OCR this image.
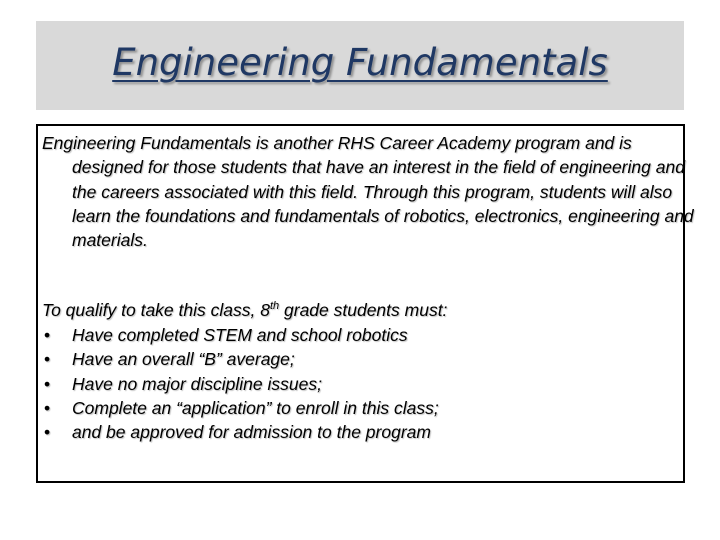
Engineering Fundamentals

Engineering Fundamentals is another RHS Career Academy program and is designed for those students that have an interest in the field of engineering and the careers associated with this field. Through this program, students will also learn the foundations and fundamentals of robotics, electronics, engineering and materials.

To qualify to take this class, 8th grade students must:

• Have completed STEM and school robotics
• Have an overall “B” average;
• Have no major discipline issues;
• Complete an “application” to enroll in this class;
• and be approved for admission to the program
